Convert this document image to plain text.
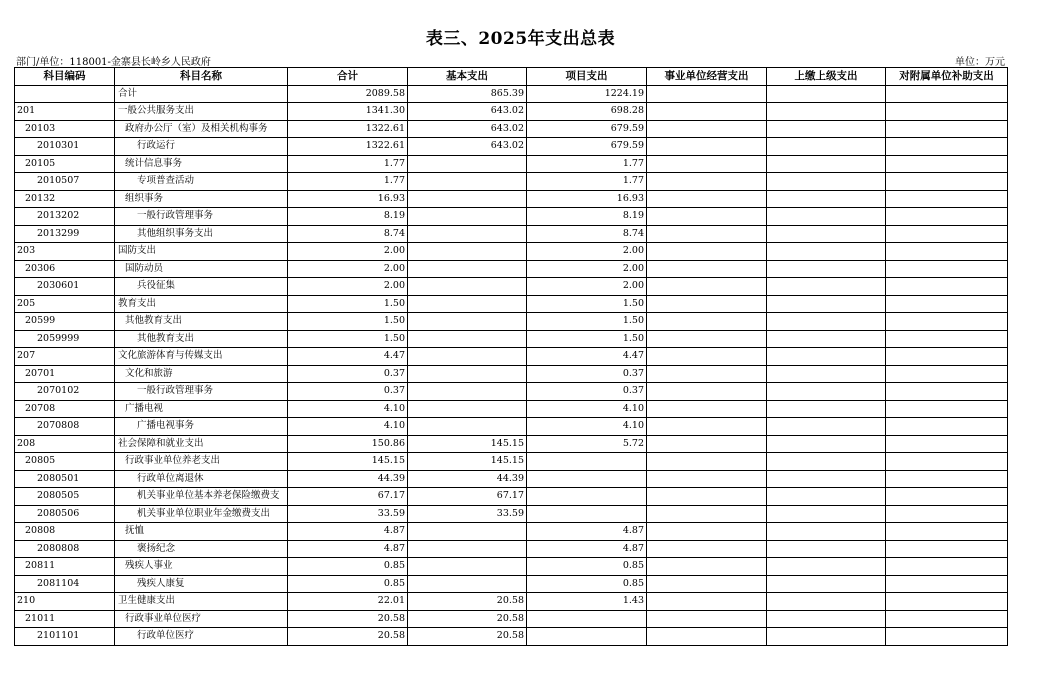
表三、2025年支出总表
部门/单位：118001-金寨县长岭乡人民政府	单位：万元
科目编码	科目名称	合计	基本支出	项目支出	事业单位经营支出	上缴上级支出	对附属单位补助支出
	合计	2089.58	865.39	1224.19			
201	一般公共服务支出	1341.30	643.02	698.28			
20103	政府办公厅（室）及相关机构事务	1322.61	643.02	679.59			
2010301	行政运行	1322.61	643.02	679.59			
20105	统计信息事务	1.77		1.77			
2010507	专项普查活动	1.77		1.77			
20132	组织事务	16.93		16.93			
2013202	一般行政管理事务	8.19		8.19			
2013299	其他组织事务支出	8.74		8.74			
203	国防支出	2.00		2.00			
20306	国防动员	2.00		2.00			
2030601	兵役征集	2.00		2.00			
205	教育支出	1.50		1.50			
20599	其他教育支出	1.50		1.50			
2059999	其他教育支出	1.50		1.50			
207	文化旅游体育与传媒支出	4.47		4.47			
20701	文化和旅游	0.37		0.37			
2070102	一般行政管理事务	0.37		0.37			
20708	广播电视	4.10		4.10			
2070808	广播电视事务	4.10		4.10			
208	社会保障和就业支出	150.86	145.15	5.72			
20805	行政事业单位养老支出	145.15	145.15				
2080501	行政单位离退休	44.39	44.39				
2080505	机关事业单位基本养老保险缴费支	67.17	67.17				
2080506	机关事业单位职业年金缴费支出	33.59	33.59				
20808	抚恤	4.87		4.87			
2080808	褒扬纪念	4.87		4.87			
20811	残疾人事业	0.85		0.85			
2081104	残疾人康复	0.85		0.85			
210	卫生健康支出	22.01	20.58	1.43			
21011	行政事业单位医疗	20.58	20.58				
2101101	行政单位医疗	20.58	20.58				
